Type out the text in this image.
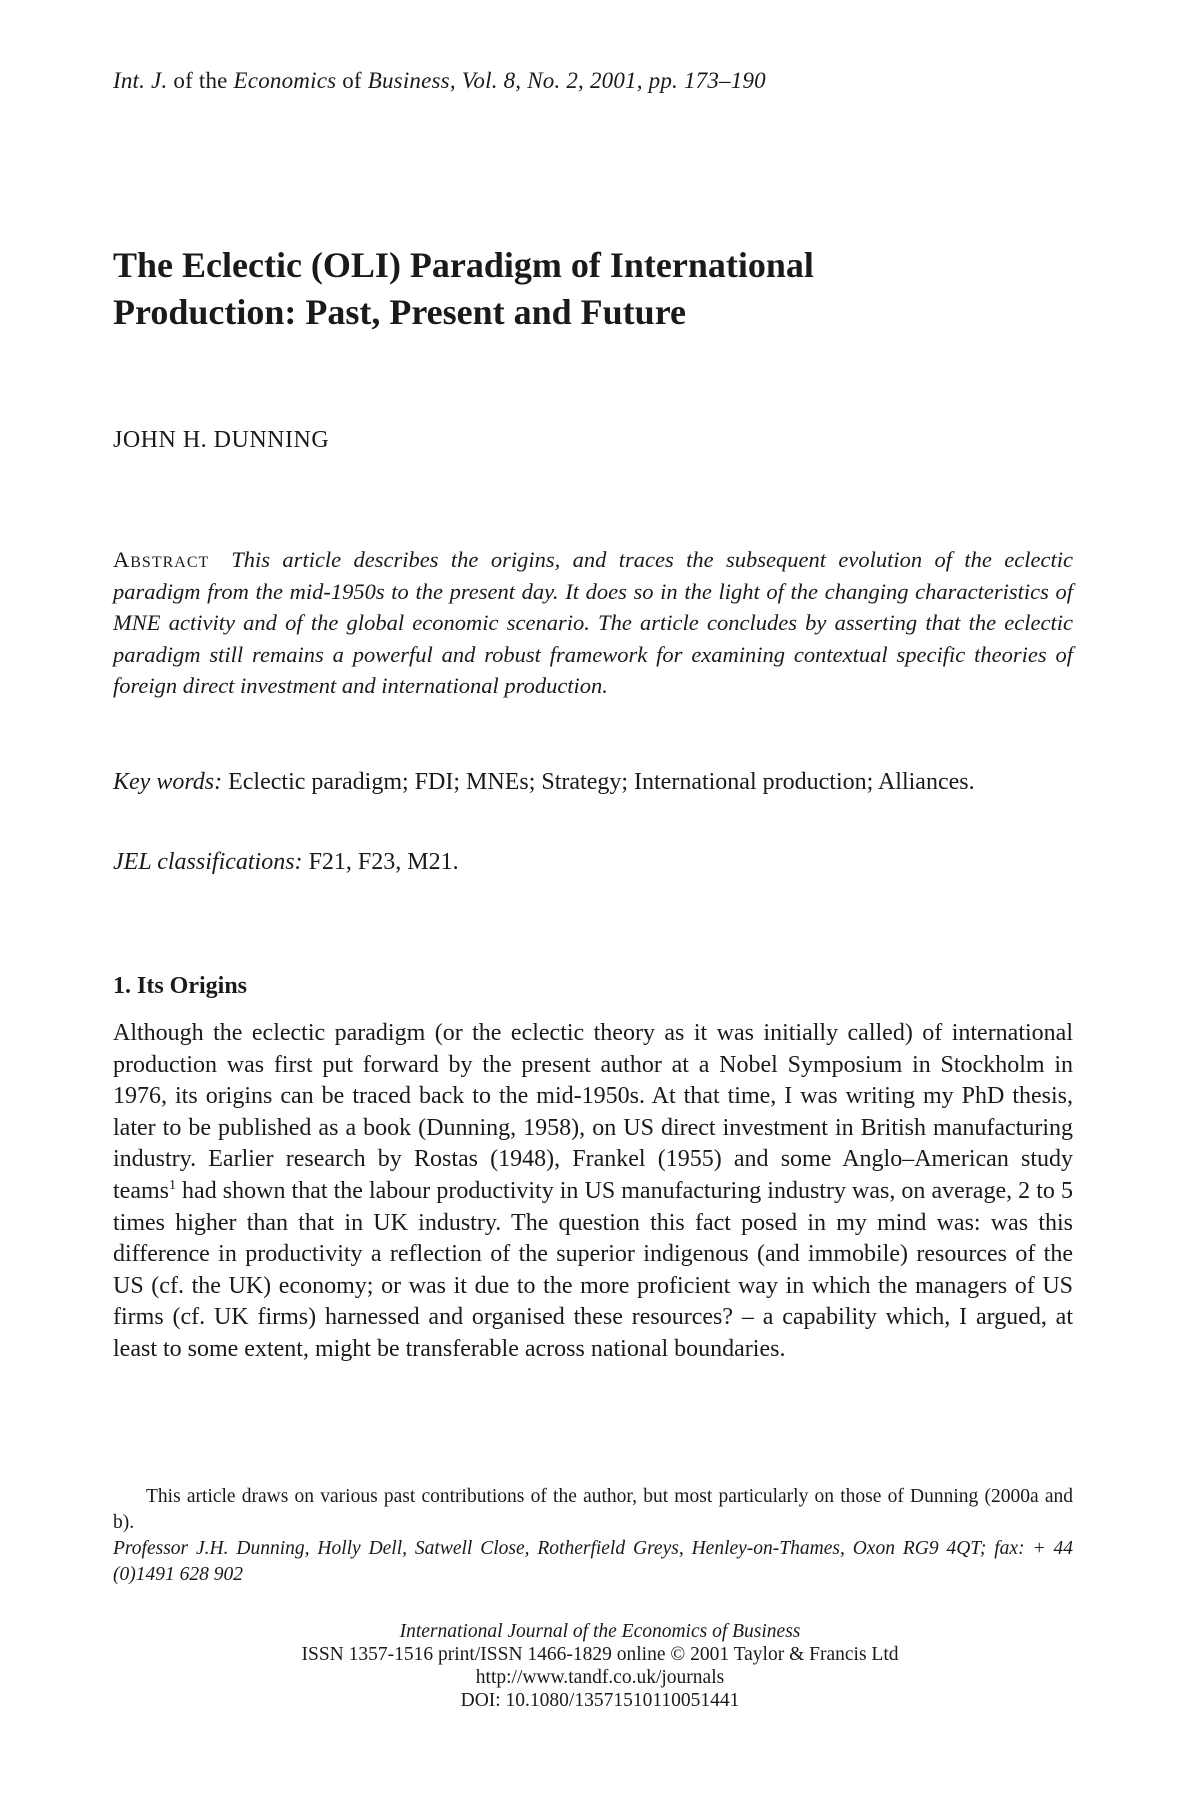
Int. J. of the Economics of Business, Vol. 8, No. 2, 2001, pp. 173–190
The Eclectic (OLI) Paradigm of International
Production: Past, Present and Future
JOHN H. DUNNING

Abstract This article describes the origins, and traces the subsequent evolution of the eclectic paradigm from the mid-1950s to the present day. It does so in the light of the changing characteristics of MNE activity and of the global economic scenario. The article concludes by asserting that the eclectic paradigm still remains a powerful and robust framework for examining contextual specific theories of foreign direct investment and international production.

Key words: Eclectic paradigm; FDI; MNEs; Strategy; International production; Alliances.

JEL classifications: F21, F23, M21.

1. Its Origins

Although the eclectic paradigm (or the eclectic theory as it was initially called) of international production was first put forward by the present author at a Nobel Symposium in Stockholm in 1976, its origins can be traced back to the mid-1950s. At that time, I was writing my PhD thesis, later to be published as a book (Dunning, 1958), on US direct investment in British manufacturing industry. Earlier research by Rostas (1948), Frankel (1955) and some Anglo–American study teams$^1$ had shown that the labour productivity in US manufacturing industry was, on average, 2 to 5 times higher than that in UK industry. The question this fact posed in my mind was: was this difference in productivity a reflection of the superior indigenous (and immobile) resources of the US (cf. the UK) economy; or was it due to the more proficient way in which the managers of US firms (cf. UK firms) harnessed and organised these resources? – a capability which, I argued, at least to some extent, might be transferable across national boundaries.

This article draws on various past contributions of the author, but most particularly on those of Dunning (2000a and b).

Professor J.H. Dunning, Holly Dell, Satwell Close, Rotherfield Greys, Henley-on-Thames, Oxon RG9 4QT; fax: + 44 (0)1491 628 902

International Journal of the Economics of Business
ISSN 1357-1516 print/ISSN 1466-1829 online © 2001 Taylor & Francis Ltd
http://www.tandf.co.uk/journals
DOI: 10.1080/13571510110051441
